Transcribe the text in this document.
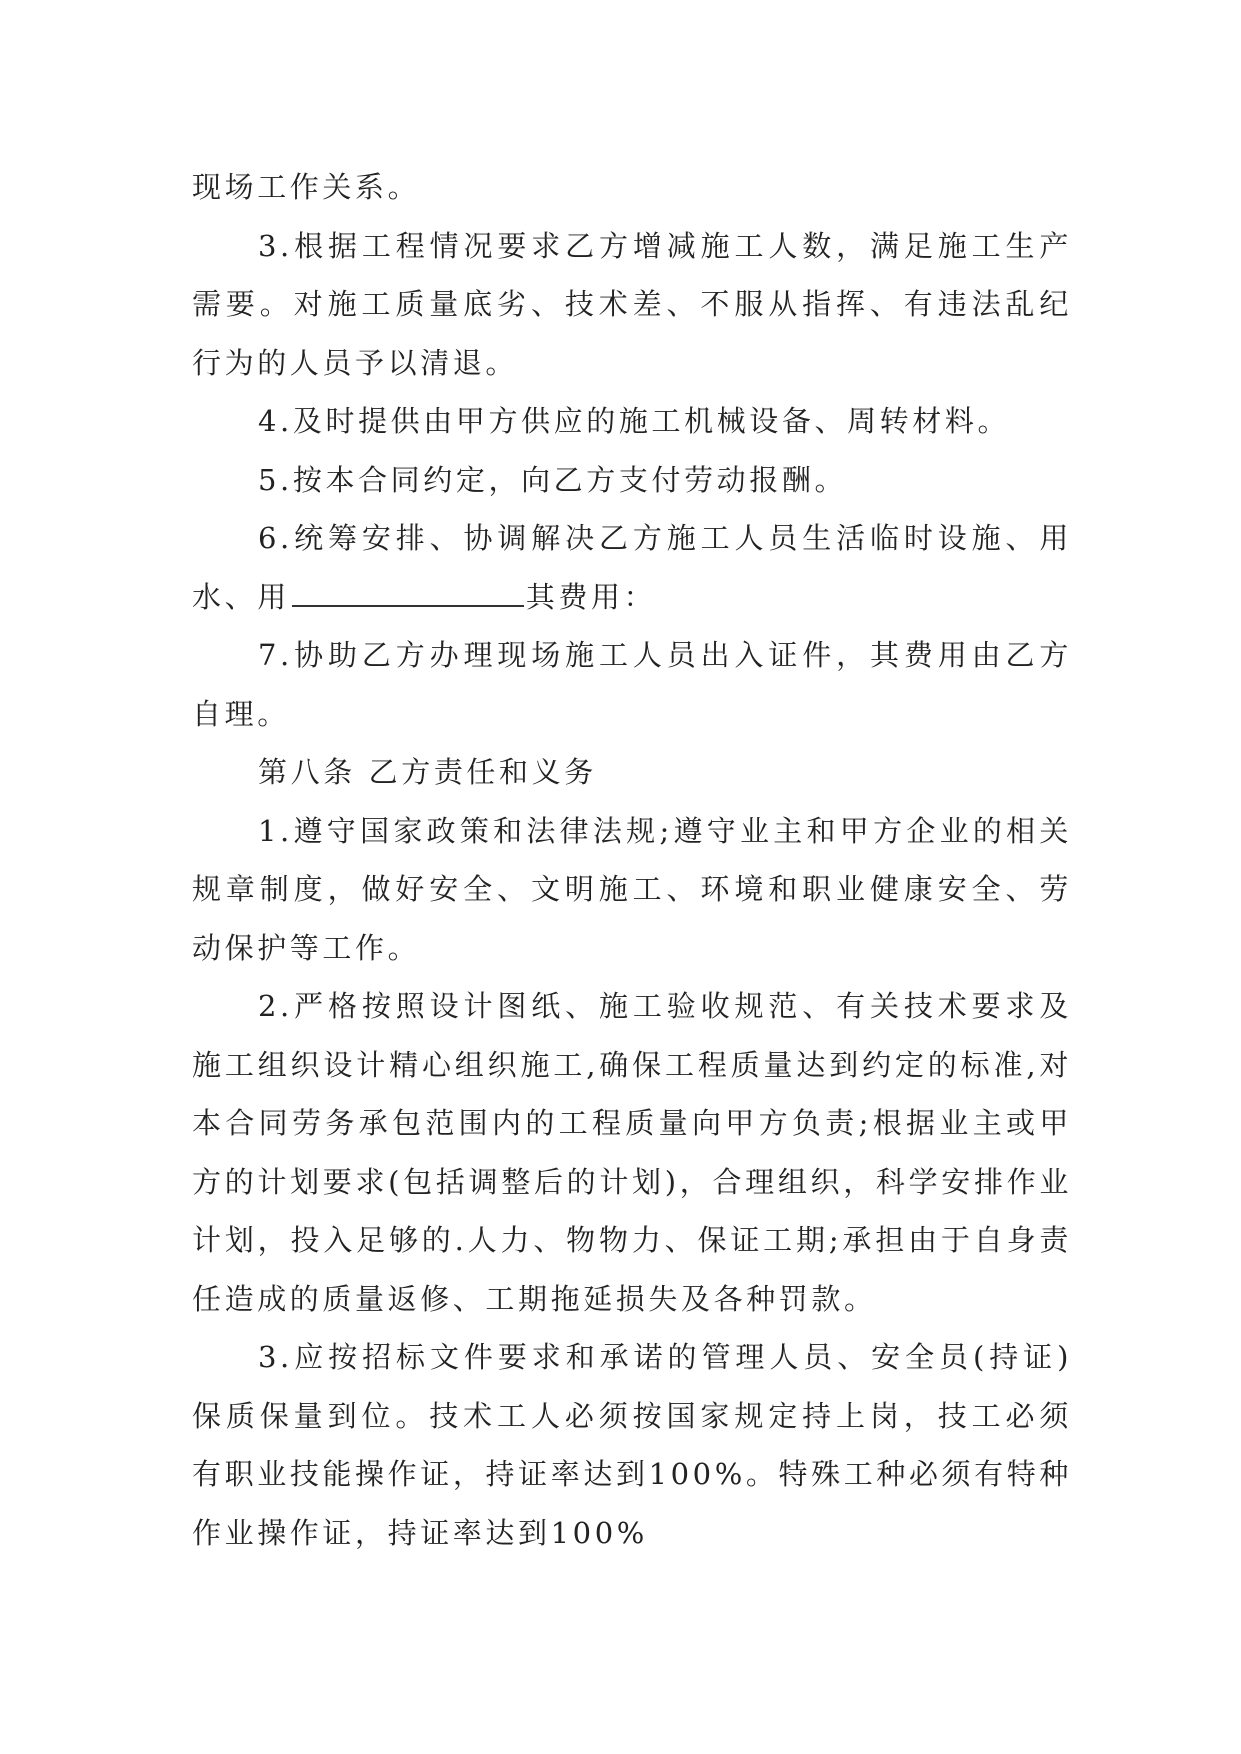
现场工作关系。

3.根据工程情况要求乙方增减施工人数，满足施工生产需要。对施工质量底劣、技术差、不服从指挥、有违法乱纪行为的人员予以清退。

4.及时提供由甲方供应的施工机械设备、周转材料。

5.按本合同约定，向乙方支付劳动报酬。

6.统筹安排、协调解决乙方施工人员生活临时设施、用水、用	其费用：

7.协助乙方办理现场施工人员出入证件，其费用由乙方自理。

第八条 乙方责任和义务

1.遵守国家政策和法律法规;遵守业主和甲方企业的相关规章制度，做好安全、文明施工、环境和职业健康安全、劳动保护等工作。

2.严格按照设计图纸、施工验收规范、有关技术要求及施工组织设计精心组织施工,确保工程质量达到约定的标准,对本合同劳务承包范围内的工程质量向甲方负责;根据业主或甲方的计划要求(包括调整后的计划)，合理组织，科学安排作业计划，投入足够的.人力、物物力、保证工期;承担由于自身责任造成的质量返修、工期拖延损失及各种罚款。

3.应按招标文件要求和承诺的管理人员、安全员(持证)保质保量到位。技术工人必须按国家规定持上岗，技工必须有职业技能操作证，持证率达到100%。特殊工种必须有特种作业操作证，持证率达到100%
